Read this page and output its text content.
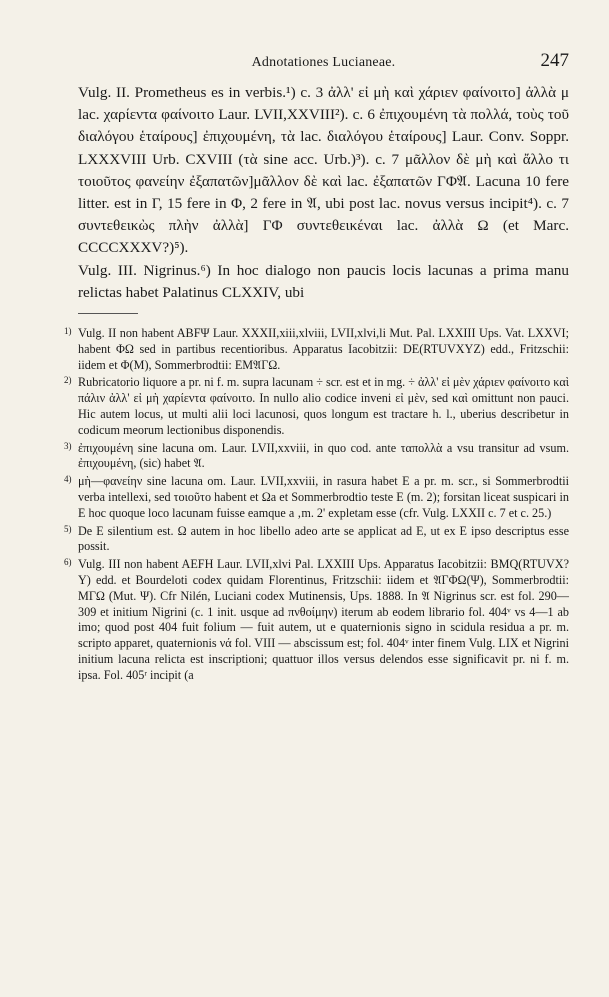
Adnotationes Lucianeae.	247

Vulg. II. Prometheus es in verbis.¹) c. 3 ἀλλ' εἰ μὴ καὶ χάριεν φαίνοιτο] ἀλλὰ μ lac. χαρίεντα φαίνοιτο Laur. LVII,XXVIII²). c. 6 ἐπιχουμένη τὰ πολλά, τοὺς τοῦ διαλόγου ἑταίρους] ἐπιχουμένη, τὰ lac. διαλόγου ἑταίρους] Laur. Conv. Soppr. LXXXVIII Urb. CXVIII (τὰ sine acc. Urb.)³). c. 7 μᾶλλον δὲ μὴ καὶ ἄλλο τι τοιοῦτος φανείην ἐξαπατῶν]μᾶλλον δὲ καὶ lac. ἐξαπατῶν ΓΦ𝔄. Lacuna 10 fere litter. est in Γ, 15 fere in Φ, 2 fere in 𝔄, ubi post lac. novus versus incipit⁴). c. 7 συντεθεικὼς πλὴν ἀλλὰ] ΓΦ συντεθεικέναι lac. ἀλλὰ Ω (et Marc. CCCCXXXV?)⁵).

Vulg. III. Nigrinus.⁶) In hoc dialogo non paucis locis lacunas a prima manu relictas habet Palatinus CLXXIV, ubi

1) Vulg. II non habent ABFΨ Laur. XXXII,xiii,xlviii, LVII,xlvi,li Mut. Pal. LXXIII Ups. Vat. LXXVI; habent ΦΩ sed in partibus recentioribus. Apparatus Iacobitzii: DE(RTUVXYZ) edd., Fritzschii: iidem et Φ(M), Sommerbrodtii: EM𝔄ΓΩ.

2) Rubricatorio liquore a pr. ni f. m. supra lacunam ÷ scr. est et in mg. ÷ ἀλλ' εἰ μὲν χάριεν φαίνοιτο καὶ πάλιν ἀλλ' εἰ μὴ χαρίεντα φαίνοιτο. In nullo alio codice inveni εἰ μὲν, sed καὶ omittunt non pauci. Hic autem locus, ut multi alii loci lacunosi, quos longum est tractare h. l., uberius describetur in codicum meorum lectionibus disponendis.

3) ἐπιχουμένη sine lacuna om. Laur. LVII,xxviii, in quo cod. ante ταπολλὰ a vsu transitur ad vsum. ἐπιχουμένη, (sic) habet 𝔄.

4) μὴ—φανείην sine lacuna om. Laur. LVII,xxviii, in rasura habet E a pr. m. scr., si Sommerbrodtii verba intellexi, sed τοιοῦτο habent et Ωa et Sommerbrodtio teste E (m. 2); forsitan liceat suspicari in E hoc quoque loco lacunam fuisse eamque a ‚m. 2' expletam esse (cfr. Vulg. LXXII c. 7 et c. 25.)

5) De E silentium est. Ω autem in hoc libello adeo arte se applicat ad E, ut ex E ipso descriptus esse possit.

6) Vulg. III non habent AEFH Laur. LVII,xlvi Pal. LXXIII Ups. Apparatus Iacobitzii: BMQ(RTUVX?Y) edd. et Bourdeloti codex quidam Florentinus, Fritzschii: iidem et 𝔄ΓΦΩ(Ψ), Sommerbrodtii: MΓΩ (Mut. Ψ). Cfr Nilén, Luciani codex Mutinensis, Ups. 1888. In 𝔄 Nigrinus scr. est fol. 290—309 et initium Nigrini (c. 1 init. usque ad πνθοίμην) iterum ab eodem librario fol. 404ᵛ vs 4—1 ab imo; quod post 404 fuit folium — fuit autem, ut e quaternionis signo in scidula residua a pr. m. scripto apparet, quaternionis νά fol. VIII — abscissum est; fol. 404ᵛ inter finem Vulg. LIX et Nigrini initium lacuna relicta est inscriptioni; quattuor illos versus delendos esse significavit pr. ni f. m. ipsa. Fol. 405ʳ incipit (a
